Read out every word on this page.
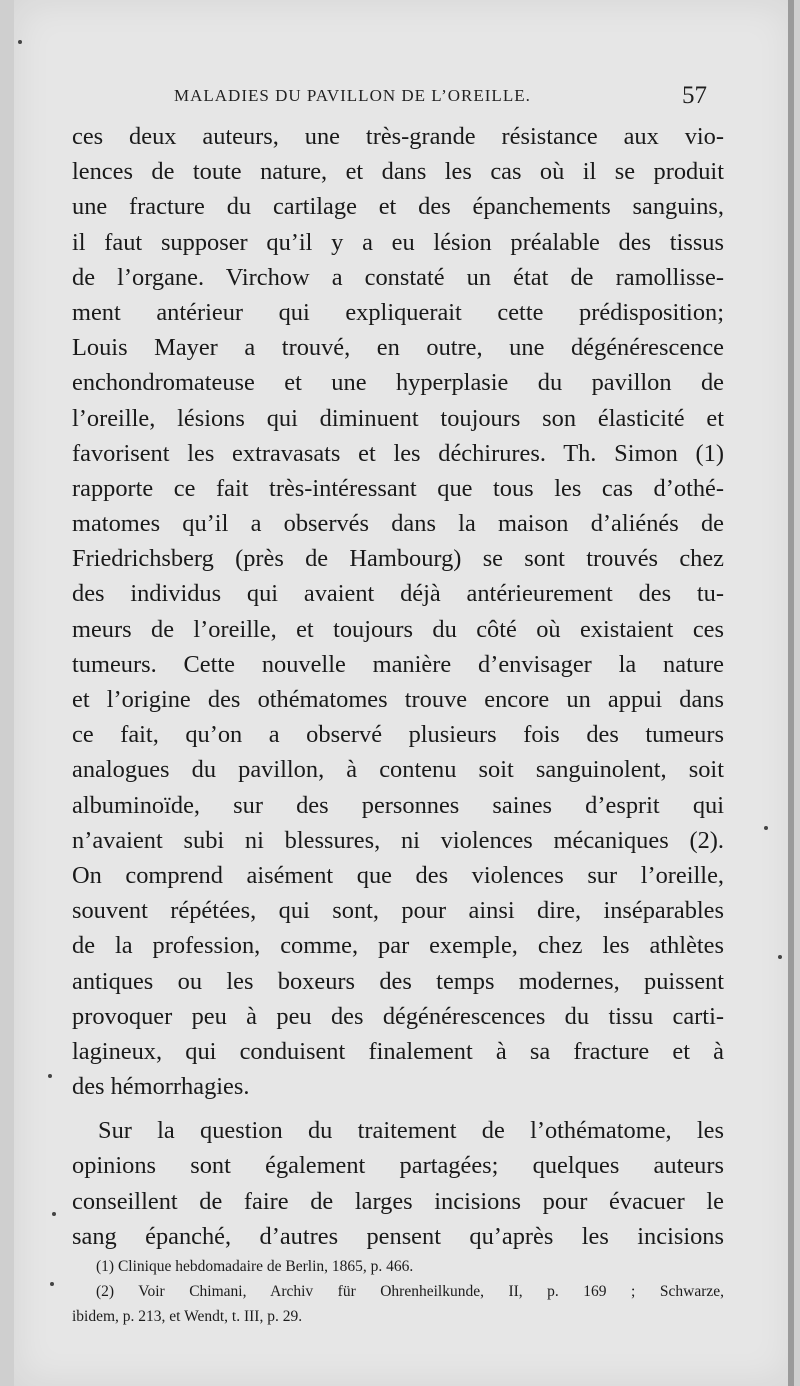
MALADIES DU PAVILLON DE L’OREILLE.	57
ces deux auteurs, une très-grande résistance aux vio-
lences de toute nature, et dans les cas où il se produit
une fracture du cartilage et des épanchements sanguins,
il faut supposer qu’il y a eu lésion préalable des tissus
de l’organe. Virchow a constaté un état de ramollisse-
ment antérieur qui expliquerait cette prédisposition;
Louis Mayer a trouvé, en outre, une dégénérescence
enchondromateuse et une hyperplasie du pavillon de
l’oreille, lésions qui diminuent toujours son élasticité et
favorisent les extravasats et les déchirures. Th. Simon (1)
rapporte ce fait très-intéressant que tous les cas d’othé-
matomes qu’il a observés dans la maison d’aliénés de
Friedrichsberg (près de Hambourg) se sont trouvés chez
des individus qui avaient déjà antérieurement des tu-
meurs de l’oreille, et toujours du côté où existaient ces
tumeurs. Cette nouvelle manière d’envisager la nature
et l’origine des othématomes trouve encore un appui dans
ce fait, qu’on a observé plusieurs fois des tumeurs
analogues du pavillon, à contenu soit sanguinolent, soit
albuminoïde, sur des personnes saines d’esprit qui
n’avaient subi ni blessures, ni violences mécaniques (2).
On comprend aisément que des violences sur l’oreille,
souvent répétées, qui sont, pour ainsi dire, inséparables
de la profession, comme, par exemple, chez les athlètes
antiques ou les boxeurs des temps modernes, puissent
provoquer peu à peu des dégénérescences du tissu carti-
lagineux, qui conduisent finalement à sa fracture et à
des hémorrhagies.
Sur la question du traitement de l’othématome, les
opinions sont également partagées; quelques auteurs
conseillent de faire de larges incisions pour évacuer le
sang épanché, d’autres pensent qu’après les incisions
(1) Clinique hebdomadaire de Berlin, 1865, p. 466.
(2) Voir Chimani, Archiv für Ohrenheilkunde, II, p. 169 ; Schwarze,
ibidem, p. 213, et Wendt, t. III, p. 29.
